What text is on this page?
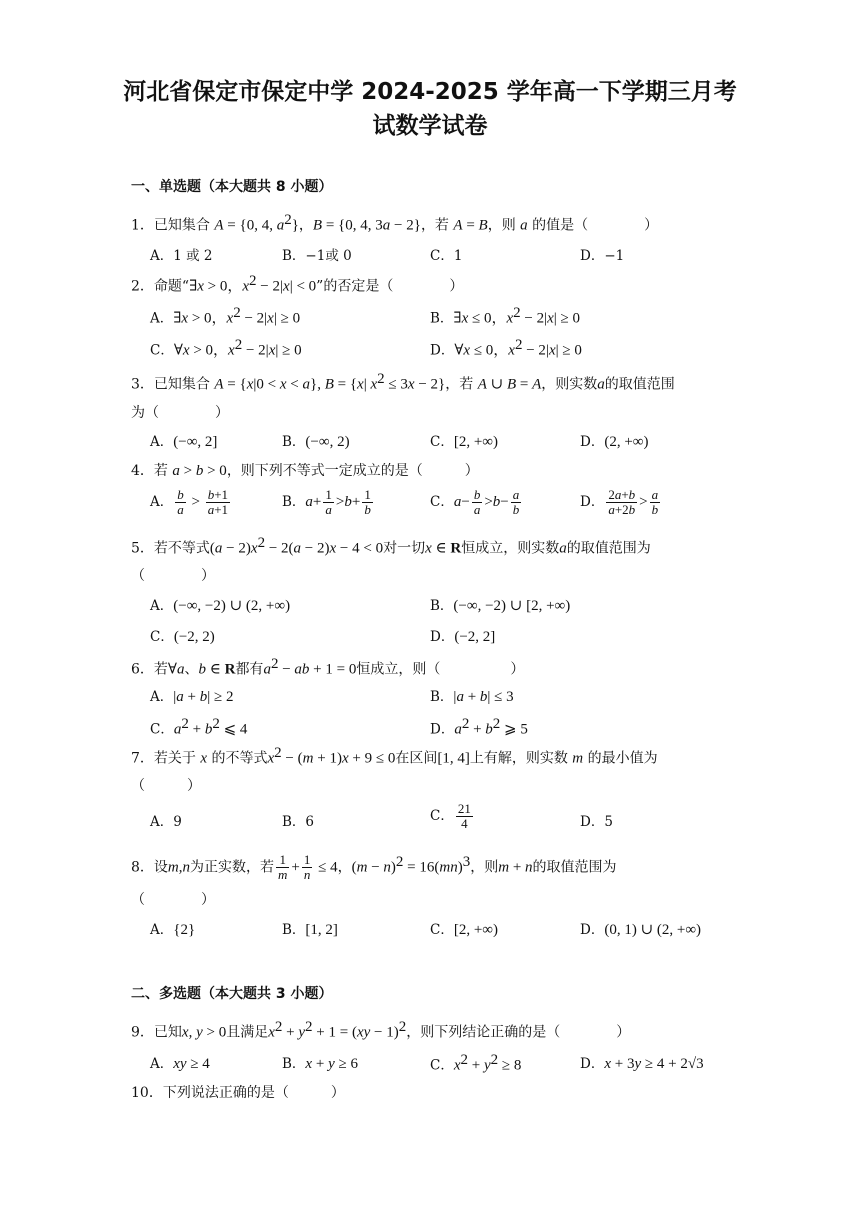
河北省保定市保定中学 2024-2025 学年高一下学期三月考
试数学试卷
一、单选题（本大题共 8 小题）
1．已知集合 A = {0, 4, $a^2$}，B = {0, 4, 3a − 2}，若 A = B，则 a 的值是（　　　　）
A．1 或 2	B．−1或 0	C．1	D．−1
2．命题“∃x > 0，$x^2 - 2|x| < 0$”的否定是（　　　　）
A．∃x > 0，$x^2 - 2|x| \ge 0$	B．∃x ≤ 0，$x^2 - 2|x| \ge 0$
C．∀x > 0，$x^2 - 2|x| \ge 0$	D．∀x ≤ 0，$x^2 - 2|x| \ge 0$
3．已知集合 A = {x|0 < x < a}, B = {x| $x^2 \le 3x - 2$}，若 A ∪ B = A，则实数a的取值范围
为（　　　　）
A．(−∞, 2]	B．(−∞, 2)	C．[2, +∞)	D．(2, +∞)
4．若 a > b > 0，则下列不等式一定成立的是（　　　）
A． $\frac{b}{a} > \frac{b+1}{a+1}$	B．$a+ \frac{1}{a} >b+ \frac{1}{b}$	C．$a- \frac{b}{a} >b- \frac{a}{b}$	D． $\frac{2a+b}{a+2b} > \frac{a}{b}$
5．若不等式$(a - 2)x^2 - 2(a - 2)x - 4 < 0$对一切x ∈ R恒成立，则实数a的取值范围为
（　　　　）
A．(−∞, −2) ∪ (2, +∞)	B．(−∞, −2) ∪ [2, +∞)
C．(−2, 2)	D．(−2, 2]
6．若∀a、b ∈ R都有$a^2$ − ab + 1 = 0恒成立，则（　　　　　）
A．|a + b| ≥ 2	B．|a + b| ≤ 3
C．$a^2 + b^2$ ⩽ 4	D．$a^2 + b^2$ ⩾ 5
7．若关于 x 的不等式$x^2 - (m + 1)x + 9 \le 0$在区间[1, 4]上有解，则实数 m 的最小值为
（　　　）
A．9	B．6	C． $\frac{21}{4}$	D．5
8．设m,n为正实数，若 $\frac{1}{m} + \frac{1}{n} \le 4$，$(m - n)^2 = 16(mn)^3$，则m + n的取值范围为
（　　　　）
A．{2}	B．[1, 2]	C．[2, +∞)	D．(0, 1) ∪ (2, +∞)
二、多选题（本大题共 3 小题）
9．已知x, y > 0且满足$x^2 + y^2 + 1 = (xy - 1)^2$，则下列结论正确的是（　　　　）
A．xy ≥ 4	B．x + y ≥ 6	C．$x^2 + y^2 \ge 8$	D．x + 3y ≥ 4 + 2√3
10．下列说法正确的是（　　　）
